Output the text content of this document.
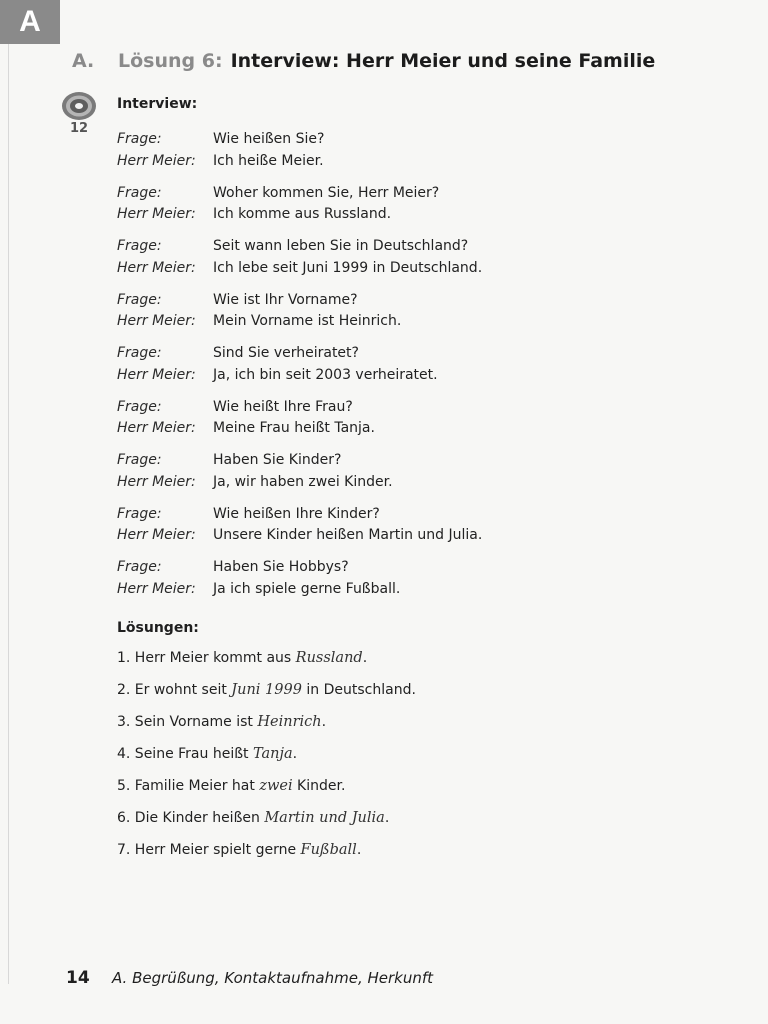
A
A. Lösung 6: Interview: Herr Meier und seine Familie
12
Interview:
Frage:	Wie heißen Sie?
Herr Meier:	Ich heiße Meier.
Frage:	Woher kommen Sie, Herr Meier?
Herr Meier:	Ich komme aus Russland.
Frage:	Seit wann leben Sie in Deutschland?
Herr Meier:	Ich lebe seit Juni 1999 in Deutschland.
Frage:	Wie ist Ihr Vorname?
Herr Meier:	Mein Vorname ist Heinrich.
Frage:	Sind Sie verheiratet?
Herr Meier:	Ja, ich bin seit 2003 verheiratet.
Frage:	Wie heißt Ihre Frau?
Herr Meier:	Meine Frau heißt Tanja.
Frage:	Haben Sie Kinder?
Herr Meier:	Ja, wir haben zwei Kinder.
Frage:	Wie heißen Ihre Kinder?
Herr Meier:	Unsere Kinder heißen Martin und Julia.
Frage:	Haben Sie Hobbys?
Herr Meier:	Ja ich spiele gerne Fußball.
Lösungen:
1. Herr Meier kommt aus Russland.
2. Er wohnt seit Juni 1999 in Deutschland.
3. Sein Vorname ist Heinrich.
4. Seine Frau heißt Tanja.
5. Familie Meier hat zwei Kinder.
6. Die Kinder heißen Martin und Julia.
7. Herr Meier spielt gerne Fußball.
14 A. Begrüßung, Kontaktaufnahme, Herkunft
